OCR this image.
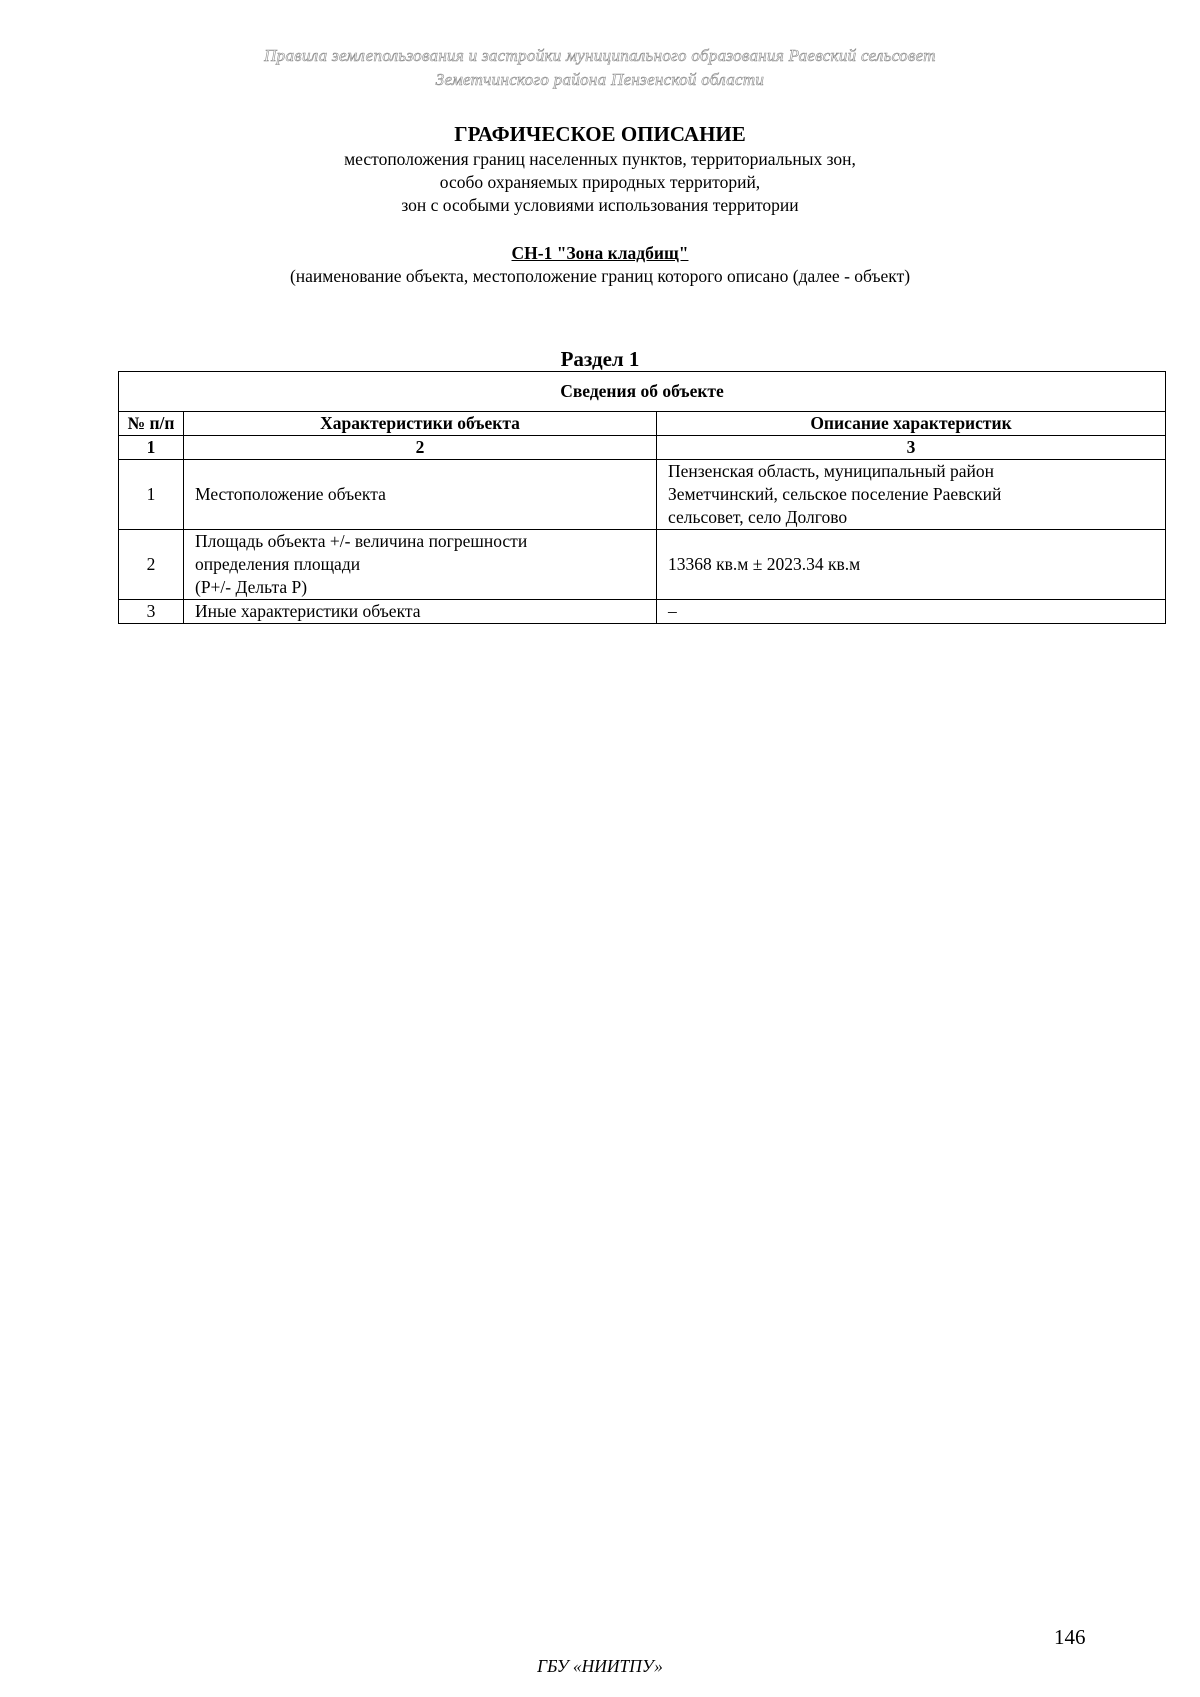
Правила землепользования и застройки муниципального образования Раевский сельсовет
Земетчинского района Пензенской области
ГРАФИЧЕСКОЕ ОПИСАНИЕ
местоположения границ населенных пунктов, территориальных зон,
особо охраняемых природных территорий,
зон с особыми условиями использования территории
СН-1 "Зона кладбищ"
(наименование объекта, местоположение границ которого описано (далее - объект)
Раздел 1
Сведения об объекте		
№ п/п	Характеристики объекта	Описание характеристик
1	2	3
1	Местоположение объекта	Пензенская область, муниципальный район
Земетчинский, сельское поселение Раевский
сельсовет, село Долгово

2	Площадь объекта +/- величина погрешности
определения площади
(Р+/- Дельта Р)	13368 кв.м ± 2023.34 кв.м

3	Иные характеристики объекта	–
146
ГБУ «НИИТПУ»
